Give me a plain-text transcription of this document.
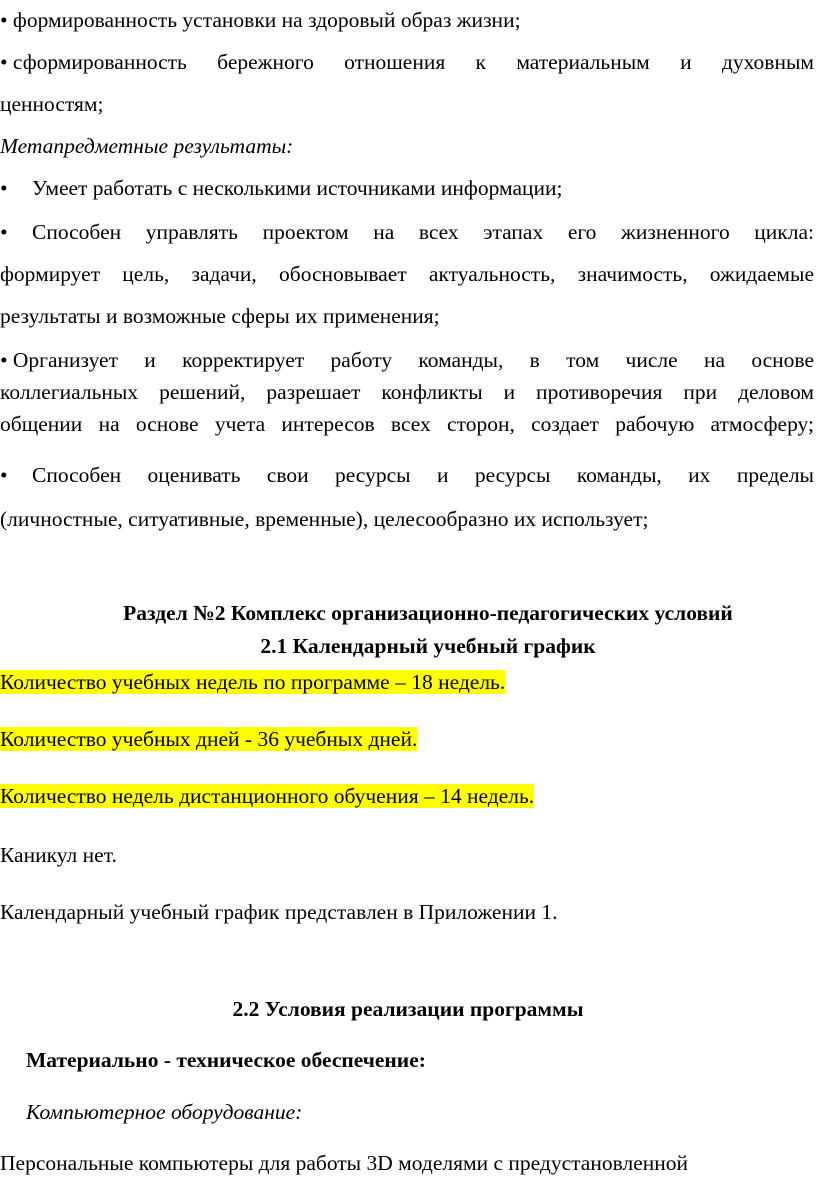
• формированность установки на здоровый образ жизни;
• сформированность бережного отношения к материальным и духовным
ценностям;
Метапредметные результаты:
• Умеет работать с несколькими источниками информации;
• Способен управлять проектом на всех этапах его жизненного цикла:
формирует цель, задачи, обосновывает актуальность, значимость, ожидаемые
результаты и возможные сферы их применения;
• Организует и корректирует работу команды, в том числе на основе
коллегиальных решений, разрешает конфликты и противоречия при деловом
общении на основе учета интересов всех сторон, создает рабочую атмосферу;
• Способен оценивать свои ресурсы и ресурсы команды, их пределы
(личностные, ситуативные, временные), целесообразно их использует;
Раздел №2 Комплекс организационно-педагогических условий
2.1 Календарный учебный график
Количество учебных недель по программе – 18 недель.
Количество учебных дней - 36 учебных дней.
Количество недель дистанционного обучения – 14 недель.
Каникул нет.
Календарный учебный график представлен в Приложении 1.
2.2 Условия реализации программы
Материально - техническое обеспечение:
Компьютерное оборудование:
Персональные компьютеры для работы 3D моделями с предустановленной
